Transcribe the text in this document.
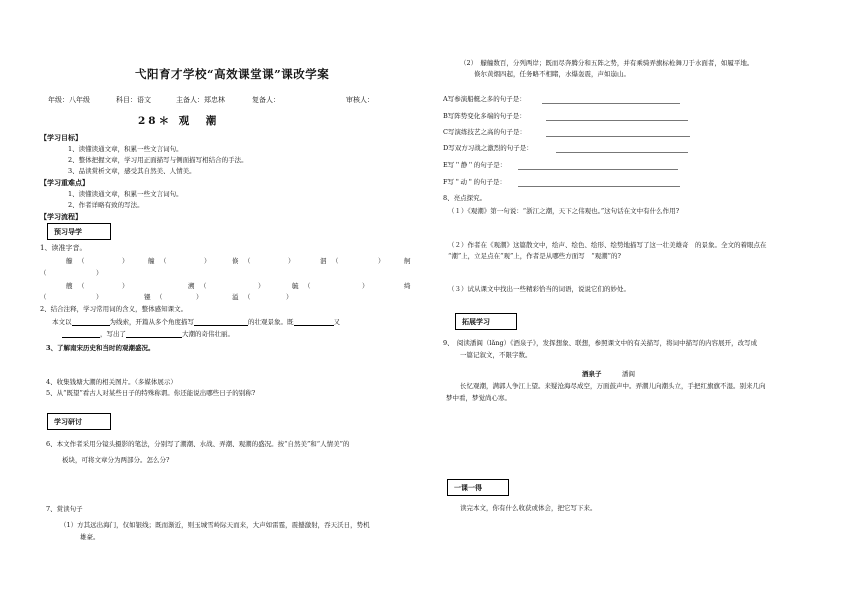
弋阳育才学校“高效课堂课”课改学案
年级：八年级	科目：语文	主备人：郑忠林	复备人：	审核人：
28＊ 观　潮
【学习目标】
1、读懂读通文章，积累一些文言词句。
2、整体把握文章，学习用正面描写与侧面描写相结合的手法。
3、品读赏析文章，感受其自然美、人情美。
【学习重难点】
1、读懂读通文章，积累一些文言词句。
2、作者详略有致的写法。
【学习流程】
预习导学
1、读准字音。
艨 （	）	艟 （	）	倏 （	）	泅 （	）	舸
（	）
艘 （	）	溯 （	）	毓 （	）	绮
（	）	镪 （	）	溢 （	）
2、结合注释，学习常用词的含义，整体感知课文。
本文以	为线索，开篇从多个角度描写	的壮观景象。既	又
，写出了	大潮的奇伟壮丽。
3、了解南宋历史和当时的观潮盛况。
4、收集钱塘大潮的相关图片。（多媒体展示）
5、从“既望”看古人对某些日子的特殊称谓。你还能说出哪些日子的别称?
学习研讨
6、本文作者采用分镜头摄影的笔法，分别写了潮潮、水战、弄潮、观潮的盛况。按“自然美”和“人情美”的
板块，可将文章分为两部分。怎么分?
7、赏读句子
（1）方其远出海门，仅如银线；既而渐近，则玉城雪岭际天而来，大声如雷霆，震撼激射，吞天沃日，势机
雄豪。
（2）　艨艟数百，分列两岸；既而尽奔腾分和五阵之势，并有乘骑弄旗标枪舞刀于水面者，如履平地。
倏尔黄烟四起，任务略不相睹，水爆轰震，声如崩山。
A写参演船艇之多的句子是：
B写阵势变化多端的句子是：
C写演练技艺之高的句子是：
D写双方习战之激烈的句子是：
E写＂静＂的句子是：
F写＂动＂的句子是：
8、亮点探究。
（１）《观潮》第一句说：“浙江之潮，天下之伟观也。”这句话在文中有什么作用?
（２）作者在《观潮》这篇散文中，绘声、绘色、绘形、绘势地描写了这一壮美雄奇　的景象。全文的着眼点在
“潮”上，立足点在“观”上，作者是从哪些方面写　“观潮”的?
（３）试从课文中找出一些精彩恰当的词语，说说它们的妙处。
拓展学习
9、　阅读潘阆（lǎng）《酒泉子》，发挥想象、联想，参照课文中的有关描写，将词中描写的内容展开，改写成
一篇记叙文，不限字数。
酒泉子	潘阆
长忆观潮，满郭人争江上望。来疑沧海尽成空，万面鼓声中。弄潮儿向潮头立，手把红旗旗不湿。别来几向
梦中看，梦觉尚心寒。
一课一得
读完本文，你有什么收获或体会，把它写下来。
